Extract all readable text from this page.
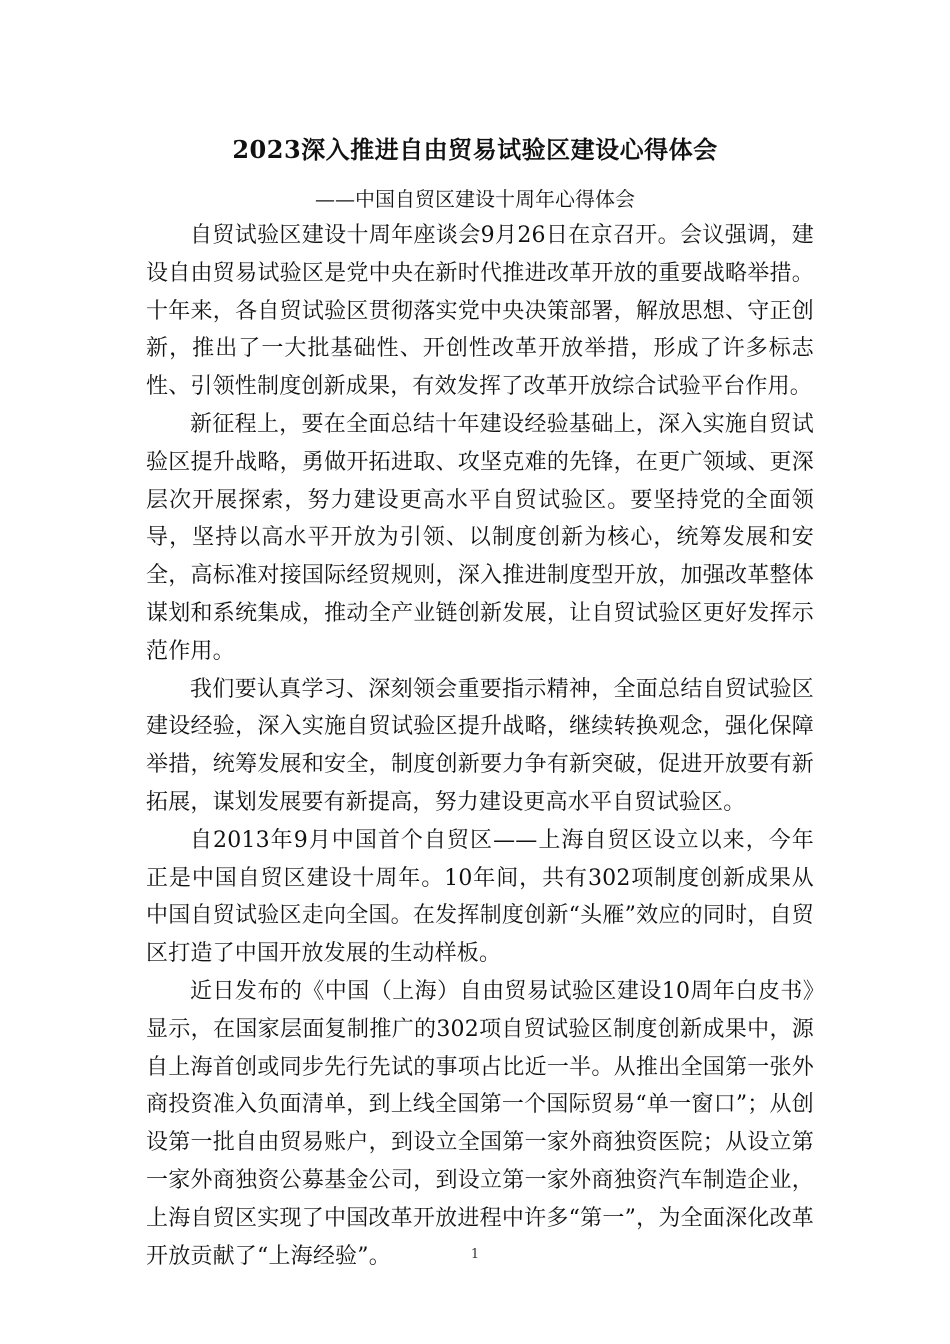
2023深入推进自由贸易试验区建设心得体会
——中国自贸区建设十周年心得体会

自贸试验区建设十周年座谈会9月26日在京召开。会议强调，建设自由贸易试验区是党中央在新时代推进改革开放的重要战略举措。十年来，各自贸试验区贯彻落实党中央决策部署，解放思想、守正创新，推出了一大批基础性、开创性改革开放举措，形成了许多标志性、引领性制度创新成果，有效发挥了改革开放综合试验平台作用。

新征程上，要在全面总结十年建设经验基础上，深入实施自贸试验区提升战略，勇做开拓进取、攻坚克难的先锋，在更广领域、更深层次开展探索，努力建设更高水平自贸试验区。要坚持党的全面领导，坚持以高水平开放为引领、以制度创新为核心，统筹发展和安全，高标准对接国际经贸规则，深入推进制度型开放，加强改革整体谋划和系统集成，推动全产业链创新发展，让自贸试验区更好发挥示范作用。

我们要认真学习、深刻领会重要指示精神，全面总结自贸试验区建设经验，深入实施自贸试验区提升战略，继续转换观念，强化保障举措，统筹发展和安全，制度创新要力争有新突破，促进开放要有新拓展，谋划发展要有新提高，努力建设更高水平自贸试验区。

自2013年9月中国首个自贸区——上海自贸区设立以来，今年正是中国自贸区建设十周年。10年间，共有302项制度创新成果从中国自贸试验区走向全国。在发挥制度创新“头雁”效应的同时，自贸区打造了中国开放发展的生动样板。

近日发布的《中国（上海）自由贸易试验区建设10周年白皮书》显示，在国家层面复制推广的302项自贸试验区制度创新成果中，源自上海首创或同步先行先试的事项占比近一半。从推出全国第一张外商投资准入负面清单，到上线全国第一个国际贸易“单一窗口”；从创设第一批自由贸易账户，到设立全国第一家外商独资医院；从设立第一家外商独资公募基金公司，到设立第一家外商独资汽车制造企业，上海自贸区实现了中国改革开放进程中许多“第一”，为全面深化改革开放贡献了“上海经验”。	1
